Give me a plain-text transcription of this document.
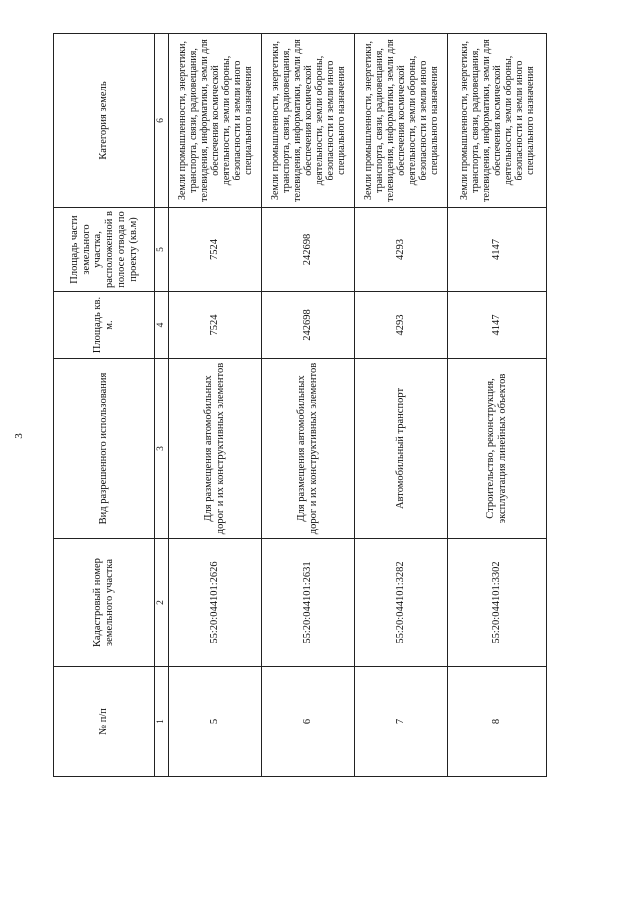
3
№ п/п	Кадастровый номер земельного участка	Вид разрешенного использования	Площадь кв. м.	Площадь части земельного участка, расположенной в полосе отвода по проекту (кв.м)	Категория земель
1	2	3	4	5	6
5	55:20:044101:2626	Для размещения автомобильных дорог и их конструктивных элементов	7524	7524	Земли промышленности, энергетики, транспорта, связи, радиовещания, телевидения, информатики, земли для обеспечения космической деятельности, земли обороны, безопасности и земли иного специального назначения
6	55:20:044101:2631	Для размещения автомобильных дорог и их конструктивных элементов	242698	242698	Земли промышленности, энергетики, транспорта, связи, радиовещания, телевидения, информатики, земли для обеспечения космической деятельности, земли обороны, безопасности и земли иного специального назначения
7	55:20:044101:3282	Автомобильный транспорт	4293	4293	Земли промышленности, энергетики, транспорта, связи, радиовещания, телевидения, информатики, земли для обеспечения космической деятельности, земли обороны, безопасности и земли иного специального назначения
8	55:20:044101:3302	Строительство, реконструкция, эксплуатация линейных объектов	4147	4147	Земли промышленности, энергетики, транспорта, связи, радиовещания, телевидения, информатики, земли для обеспечения космической деятельности, земли обороны, безопасности и земли иного специального назначения
